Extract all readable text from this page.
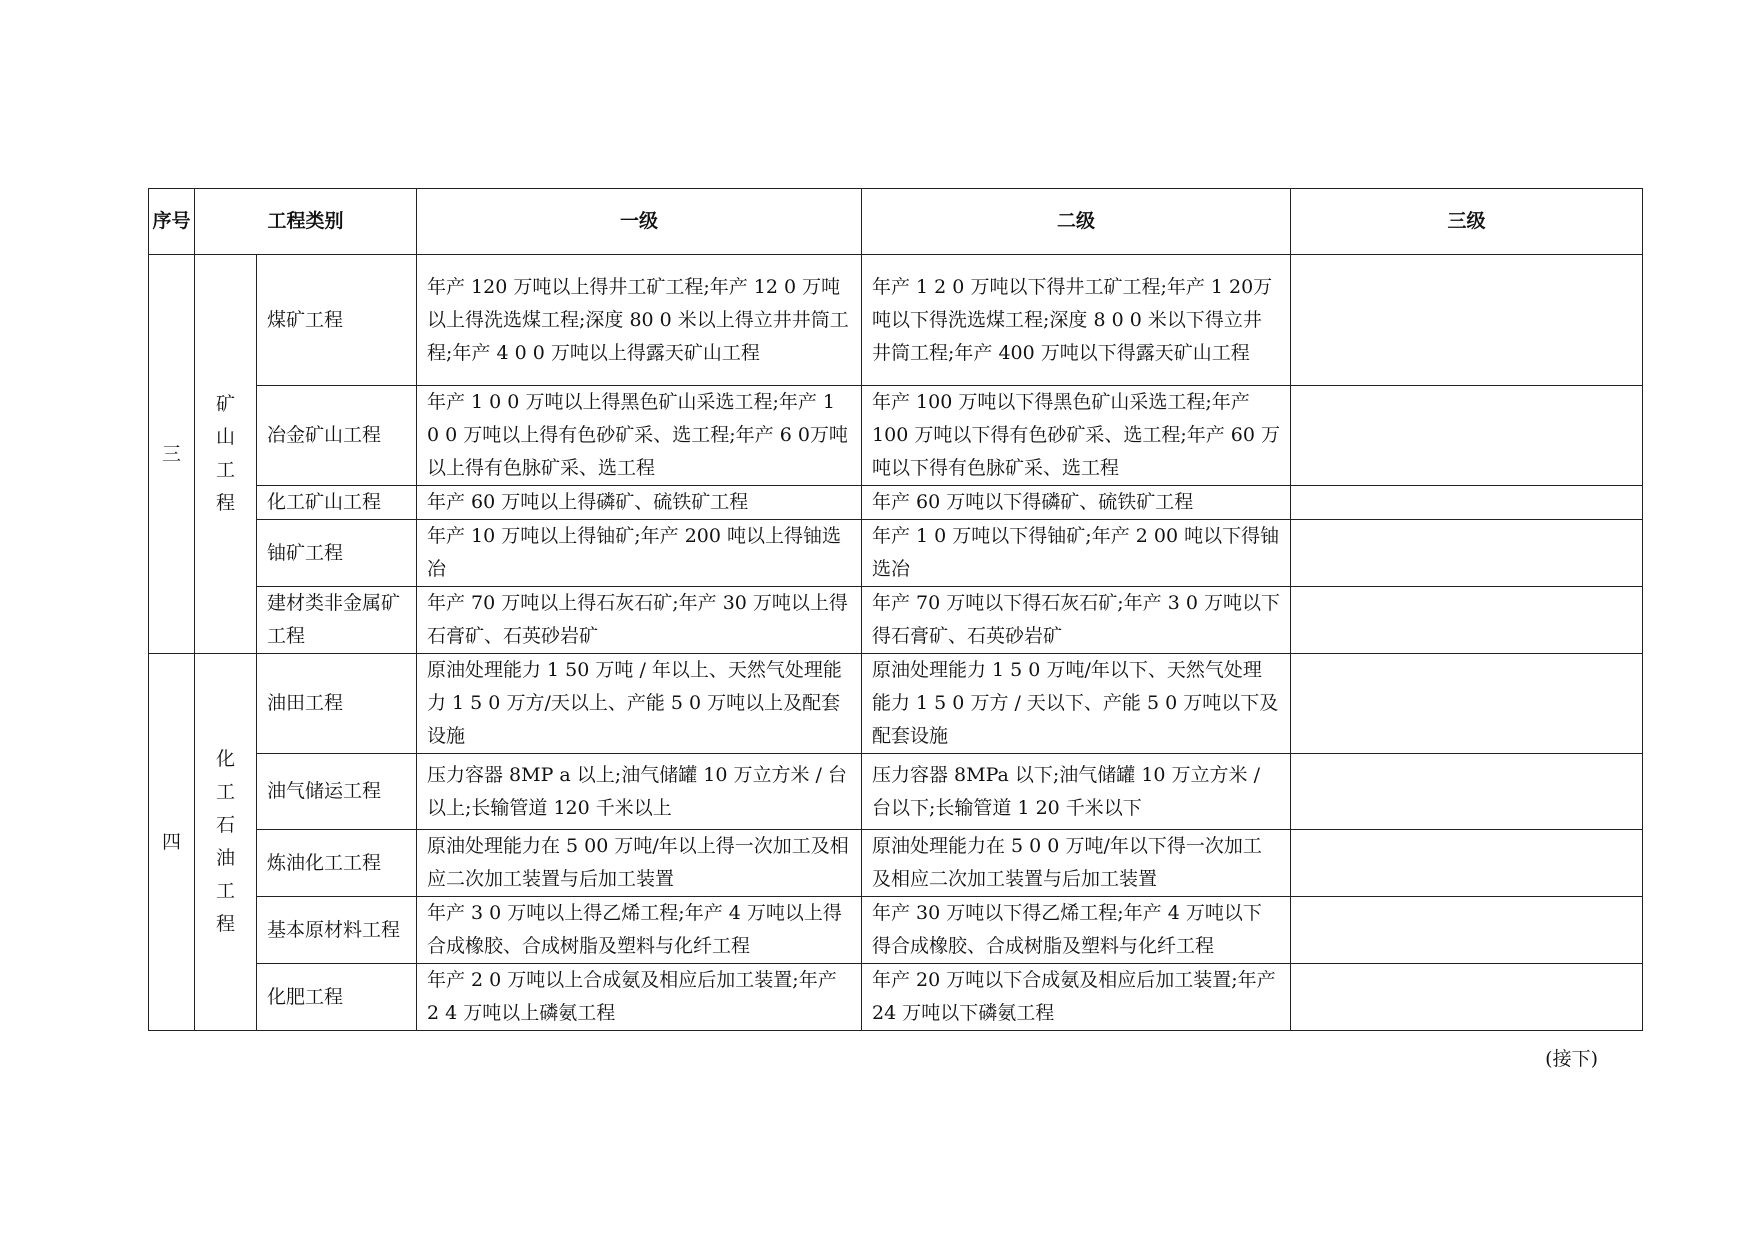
序号	工程类别		一级	二级	三级
三	矿山工程	煤矿工程	年产 120 万吨以上得井工矿工程;年产 12 0 万吨以上得洗选煤工程;深度 80 0 米以上得立井井筒工程;年产 4 0 0 万吨以上得露天矿山工程	年产 1 2 0 万吨以下得井工矿工程;年产 1 20万吨以下得洗选煤工程;深度 8 0 0 米以下得立井井筒工程;年产 400 万吨以下得露天矿山工程	
		冶金矿山工程	年产 1 0 0 万吨以上得黑色矿山采选工程;年产 1 0 0 万吨以上得有色砂矿采、选工程;年产 6 0万吨以上得有色脉矿采、选工程	年产 100 万吨以下得黑色矿山采选工程;年产100 万吨以下得有色砂矿采、选工程;年产 60 万吨以下得有色脉矿采、选工程	
		化工矿山工程	年产 60 万吨以上得磷矿、硫铁矿工程	年产 60 万吨以下得磷矿、硫铁矿工程	
		铀矿工程	年产 10 万吨以上得铀矿;年产 200 吨以上得铀选冶	年产 1 0 万吨以下得铀矿;年产 2 00 吨以下得铀选冶	
		建材类非金属矿工程	年产 70 万吨以上得石灰石矿;年产 30 万吨以上得石膏矿、石英砂岩矿	年产 70 万吨以下得石灰石矿;年产 3 0 万吨以下得石膏矿、石英砂岩矿	
四	化工石油工程	油田工程	原油处理能力 1 50 万吨 / 年以上、天然气处理能力 1 5 0 万方/天以上、产能 5 0 万吨以上及配套设施	原油处理能力 1 5 0 万吨/年以下、天然气处理能力 1 5 0 万方 / 天以下、产能 5 0 万吨以下及配套设施	
		油气储运工程	压力容器 8MP a 以上;油气储罐 10 万立方米 / 台以上;长输管道 120 千米以上	压力容器 8MPa 以下;油气储罐 10 万立方米 / 台以下;长输管道 1 20 千米以下	
		炼油化工工程	原油处理能力在 5 00 万吨/年以上得一次加工及相应二次加工装置与后加工装置	原油处理能力在 5 0 0 万吨/年以下得一次加工及相应二次加工装置与后加工装置	
		基本原材料工程	年产 3 0 万吨以上得乙烯工程;年产 4 万吨以上得合成橡胶、合成树脂及塑料与化纤工程	年产 30 万吨以下得乙烯工程;年产 4 万吨以下得合成橡胶、合成树脂及塑料与化纤工程	
		化肥工程	年产 2 0 万吨以上合成氨及相应后加工装置;年产 2 4 万吨以上磷氨工程	年产 20 万吨以下合成氨及相应后加工装置;年产 24 万吨以下磷氨工程	
(接下)
